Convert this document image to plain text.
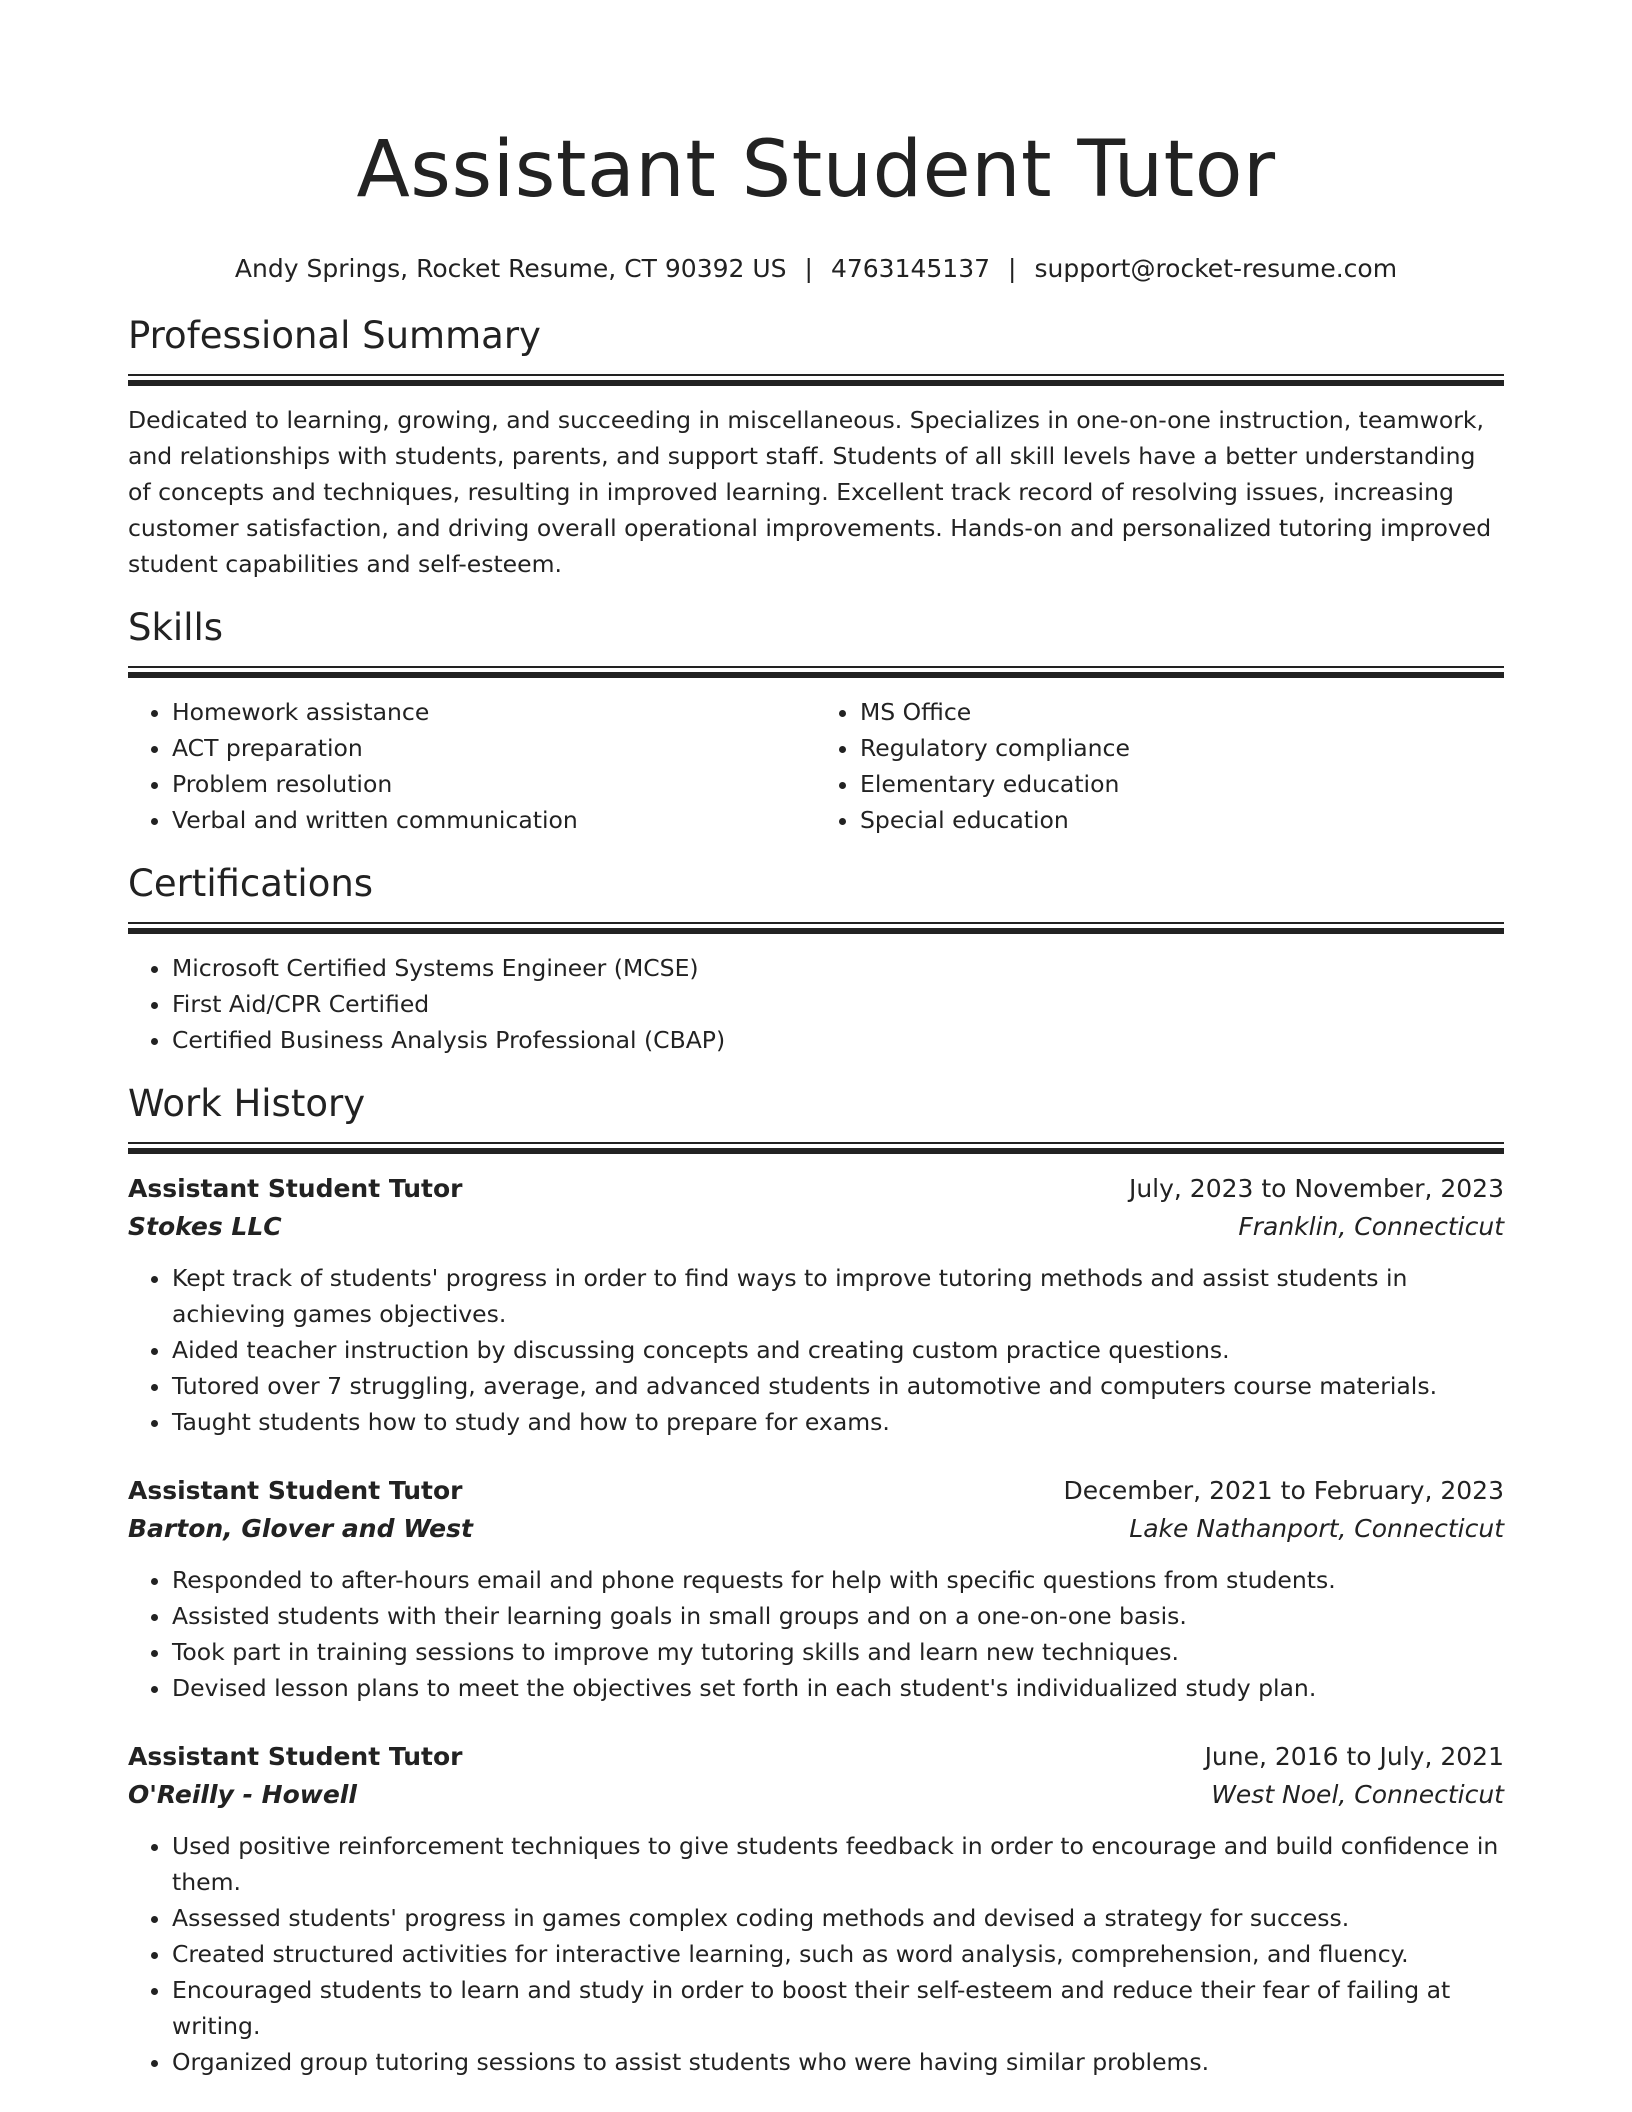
Assistant Student Tutor
Andy Springs, Rocket Resume, CT 90392 US | 4763145137 | support@rocket-resume.com
Professional Summary

Dedicated to learning, growing, and succeeding in miscellaneous. Specializes in one-on-one instruction, teamwork, and relationships with students, parents, and support staff. Students of all skill levels have a better understanding of concepts and techniques, resulting in improved learning. Excellent track record of resolving issues, increasing customer satisfaction, and driving overall operational improvements. Hands-on and personalized tutoring improved student capabilities and self-esteem.

Skills
• Homework assistance
• ACT preparation
• Problem resolution
• Verbal and written communication
• MS Office
• Regulatory compliance
• Elementary education
• Special education
Certifications
• Microsoft Certified Systems Engineer (MCSE)
• First Aid/CPR Certified
• Certified Business Analysis Professional (CBAP)
Work History
Assistant Student Tutor	July, 2023 to November, 2023
Stokes LLC	Franklin, Connecticut
• Kept track of students' progress in order to find ways to improve tutoring methods and assist students in achieving games objectives.
• Aided teacher instruction by discussing concepts and creating custom practice questions.
• Tutored over 7 struggling, average, and advanced students in automotive and computers course materials.
• Taught students how to study and how to prepare for exams.
Assistant Student Tutor	December, 2021 to February, 2023
Barton, Glover and West	Lake Nathanport, Connecticut
• Responded to after-hours email and phone requests for help with specific questions from students.
• Assisted students with their learning goals in small groups and on a one-on-one basis.
• Took part in training sessions to improve my tutoring skills and learn new techniques.
• Devised lesson plans to meet the objectives set forth in each student's individualized study plan.
Assistant Student Tutor	June, 2016 to July, 2021
O'Reilly - Howell	West Noel, Connecticut
• Used positive reinforcement techniques to give students feedback in order to encourage and build confidence in them.
• Assessed students' progress in games complex coding methods and devised a strategy for success.
• Created structured activities for interactive learning, such as word analysis, comprehension, and fluency.
• Encouraged students to learn and study in order to boost their self-esteem and reduce their fear of failing at writing.
• Organized group tutoring sessions to assist students who were having similar problems.
